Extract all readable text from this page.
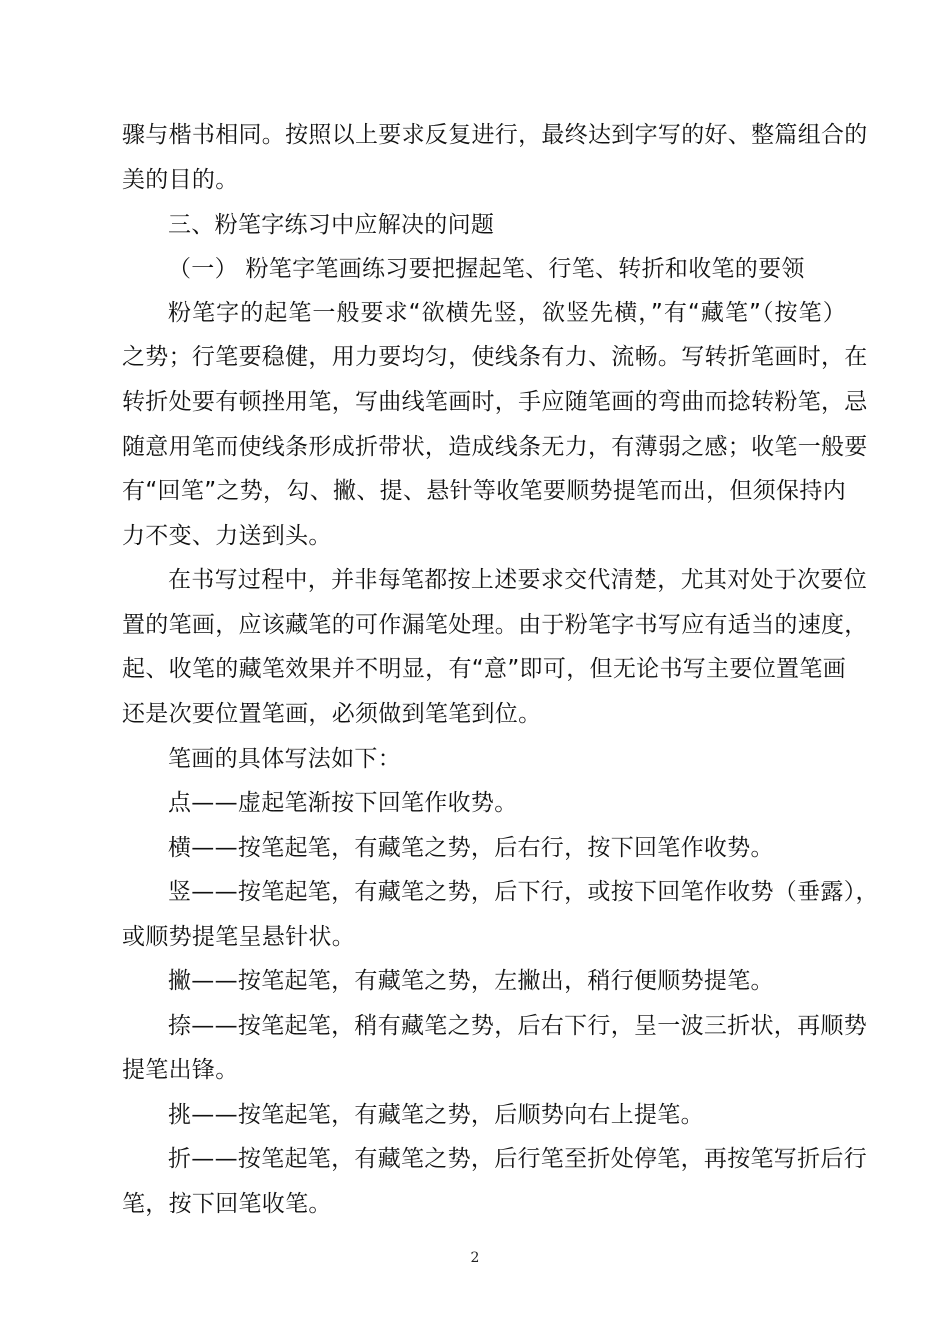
骤与楷书相同。按照以上要求反复进行，最终达到字写的好、整篇组合的
美的目的。
三、粉笔字练习中应解决的问题
（一） 粉笔字笔画练习要把握起笔、行笔、转折和收笔的要领
粉笔字的起笔一般要求“欲横先竖，欲竖先横，”有“藏笔”（按笔）
之势；行笔要稳健，用力要均匀，使线条有力、流畅。写转折笔画时，在
转折处要有顿挫用笔，写曲线笔画时，手应随笔画的弯曲而捻转粉笔，忌
随意用笔而使线条形成折带状，造成线条无力，有薄弱之感；收笔一般要
有“回笔”之势，勾、撇、提、悬针等收笔要顺势提笔而出，但须保持内
力不变、力送到头。
在书写过程中，并非每笔都按上述要求交代清楚，尤其对处于次要位
置的笔画，应该藏笔的可作漏笔处理。由于粉笔字书写应有适当的速度，
起、收笔的藏笔效果并不明显，有“意”即可，但无论书写主要位置笔画
还是次要位置笔画，必须做到笔笔到位。
笔画的具体写法如下：
点——虚起笔渐按下回笔作收势。
横——按笔起笔，有藏笔之势，后右行，按下回笔作收势。
竖——按笔起笔，有藏笔之势，后下行，或按下回笔作收势（垂露），
或顺势提笔呈悬针状。
撇——按笔起笔，有藏笔之势，左撇出，稍行便顺势提笔。
捺——按笔起笔，稍有藏笔之势，后右下行，呈一波三折状，再顺势
提笔出锋。
挑——按笔起笔，有藏笔之势，后顺势向右上提笔。
折——按笔起笔，有藏笔之势，后行笔至折处停笔，再按笔写折后行
笔，按下回笔收笔。
2
